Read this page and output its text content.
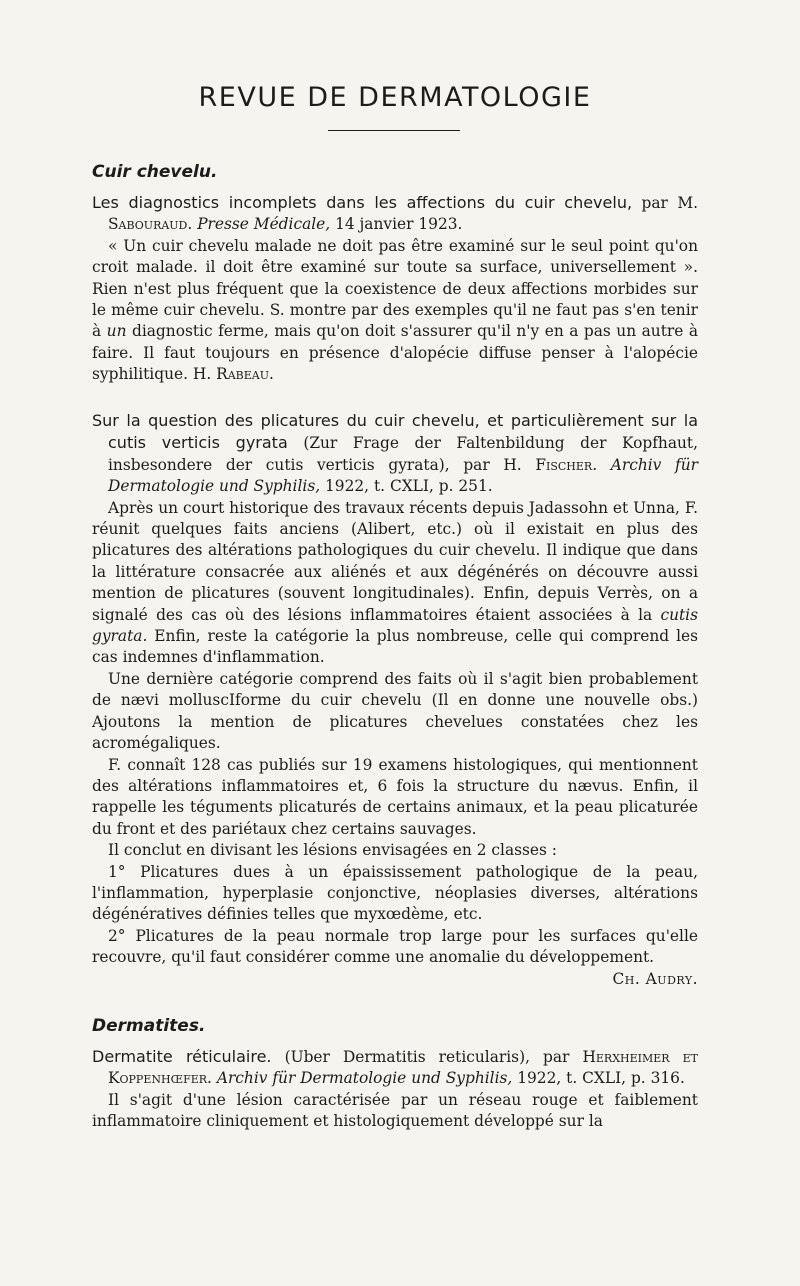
REVUE DE DERMATOLOGIE
Cuir chevelu.

Les diagnostics incomplets dans les affections du cuir chevelu, par M. Sabouraud. Presse Médicale, 14 janvier 1923.

« Un cuir chevelu malade ne doit pas être examiné sur le seul point qu'on croit malade. il doit être examiné sur toute sa surface, universellement ». Rien n'est plus fréquent que la coexistence de deux affections morbides sur le même cuir chevelu. S. montre par des exemples qu'il ne faut pas s'en tenir à un diagnostic ferme, mais qu'on doit s'assurer qu'il n'y en a pas un autre à faire. Il faut toujours en présence d'alopécie diffuse penser à l'alopécie syphilitique. H. Rabeau.

Sur la question des plicatures du cuir chevelu, et particulièrement sur la cutis verticis gyrata (Zur Frage der Faltenbildung der Kopfhaut, insbesondere der cutis verticis gyrata), par H. Fischer. Archiv für Dermatologie und Syphilis, 1922, t. CXLI, p. 251.

Après un court historique des travaux récents depuis Jadassohn et Unna, F. réunit quelques faits anciens (Alibert, etc.) où il existait en plus des plicatures des altérations pathologiques du cuir chevelu. Il indique que dans la littérature consacrée aux aliénés et aux dégénérés on découvre aussi mention de plicatures (souvent longitudinales). Enfin, depuis Verrès, on a signalé des cas où des lésions inflammatoires étaient associées à la cutis gyrata. Enfin, reste la catégorie la plus nombreuse, celle qui comprend les cas indemnes d'inflammation.

Une dernière catégorie comprend des faits où il s'agit bien probablement de nævi molluscIforme du cuir chevelu (Il en donne une nouvelle obs.) Ajoutons la mention de plicatures chevelues constatées chez les acromégaliques.

F. connaît 128 cas publiés sur 19 examens histologiques, qui mentionnent des altérations inflammatoires et, 6 fois la structure du nævus. Enfin, il rappelle les téguments plicaturés de certains animaux, et la peau plicaturée du front et des pariétaux chez certains sauvages.

Il conclut en divisant les lésions envisagées en 2 classes :

1° Plicatures dues à un épaississement pathologique de la peau, l'inflammation, hyperplasie conjonctive, néoplasies diverses, altérations dégénératives définies telles que myxœdème, etc.

2° Plicatures de la peau normale trop large pour les surfaces qu'elle recouvre, qu'il faut considérer comme une anomalie du développement.
Ch. Audry.

Dermatites.

Dermatite réticulaire. (Uber Dermatitis reticularis), par Herxheimer et Koppenhœfer. Archiv für Dermatologie und Syphilis, 1922, t. CXLI, p. 316.

Il s'agit d'une lésion caractérisée par un réseau rouge et faiblement inflammatoire cliniquement et histologiquement développé sur la
